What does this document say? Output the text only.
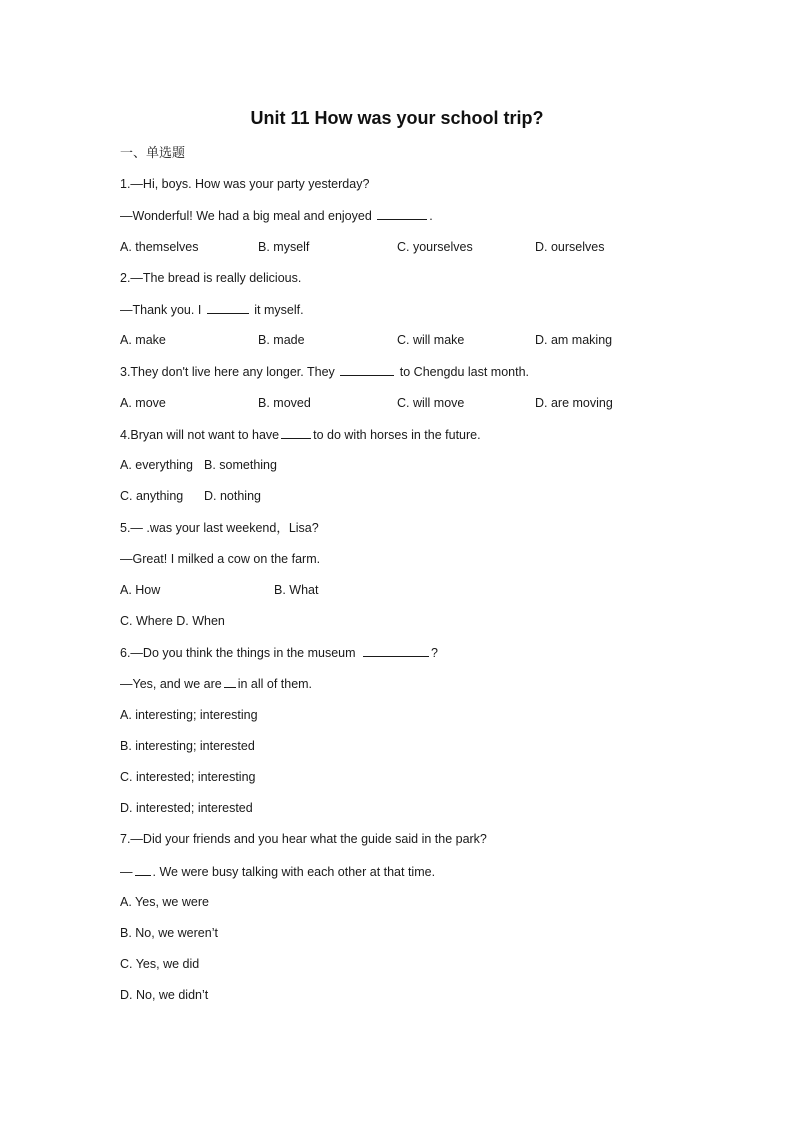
Unit 11 How was your school trip?
一、单选题
1.—Hi, boys. How was your party yesterday?
—Wonderful! We had a big meal and enjoyed	.
A. themselves	B. myself	C. yourselves	D. ourselves
2.—The bread is really delicious.
—Thank you. I	it myself.
A. make	B. made	C. will make	D. am making
3.They don't live here any longer. They	to Chengdu last month.
A. move	B. moved	C. will move	D. are moving
4.Bryan will not want to have	to do with horses in the future.
A. everything B. something
C. anything D. nothing
5.— .was your last weekend，Lisa?
—Great! I milked a cow on the farm.
A. How	B. What
C. Where D. When
6.—Do you think the things in the museum	?
—Yes, and we are in all of them.
A. interesting; interesting
B. interesting; interested
C. interested; interesting
D. interested; interested
7.—Did your friends and you hear what the guide said in the park?
— . We were busy talking with each other at that time.
A. Yes, we were
B. No, we weren’t
C. Yes, we did
D. No, we didn’t
